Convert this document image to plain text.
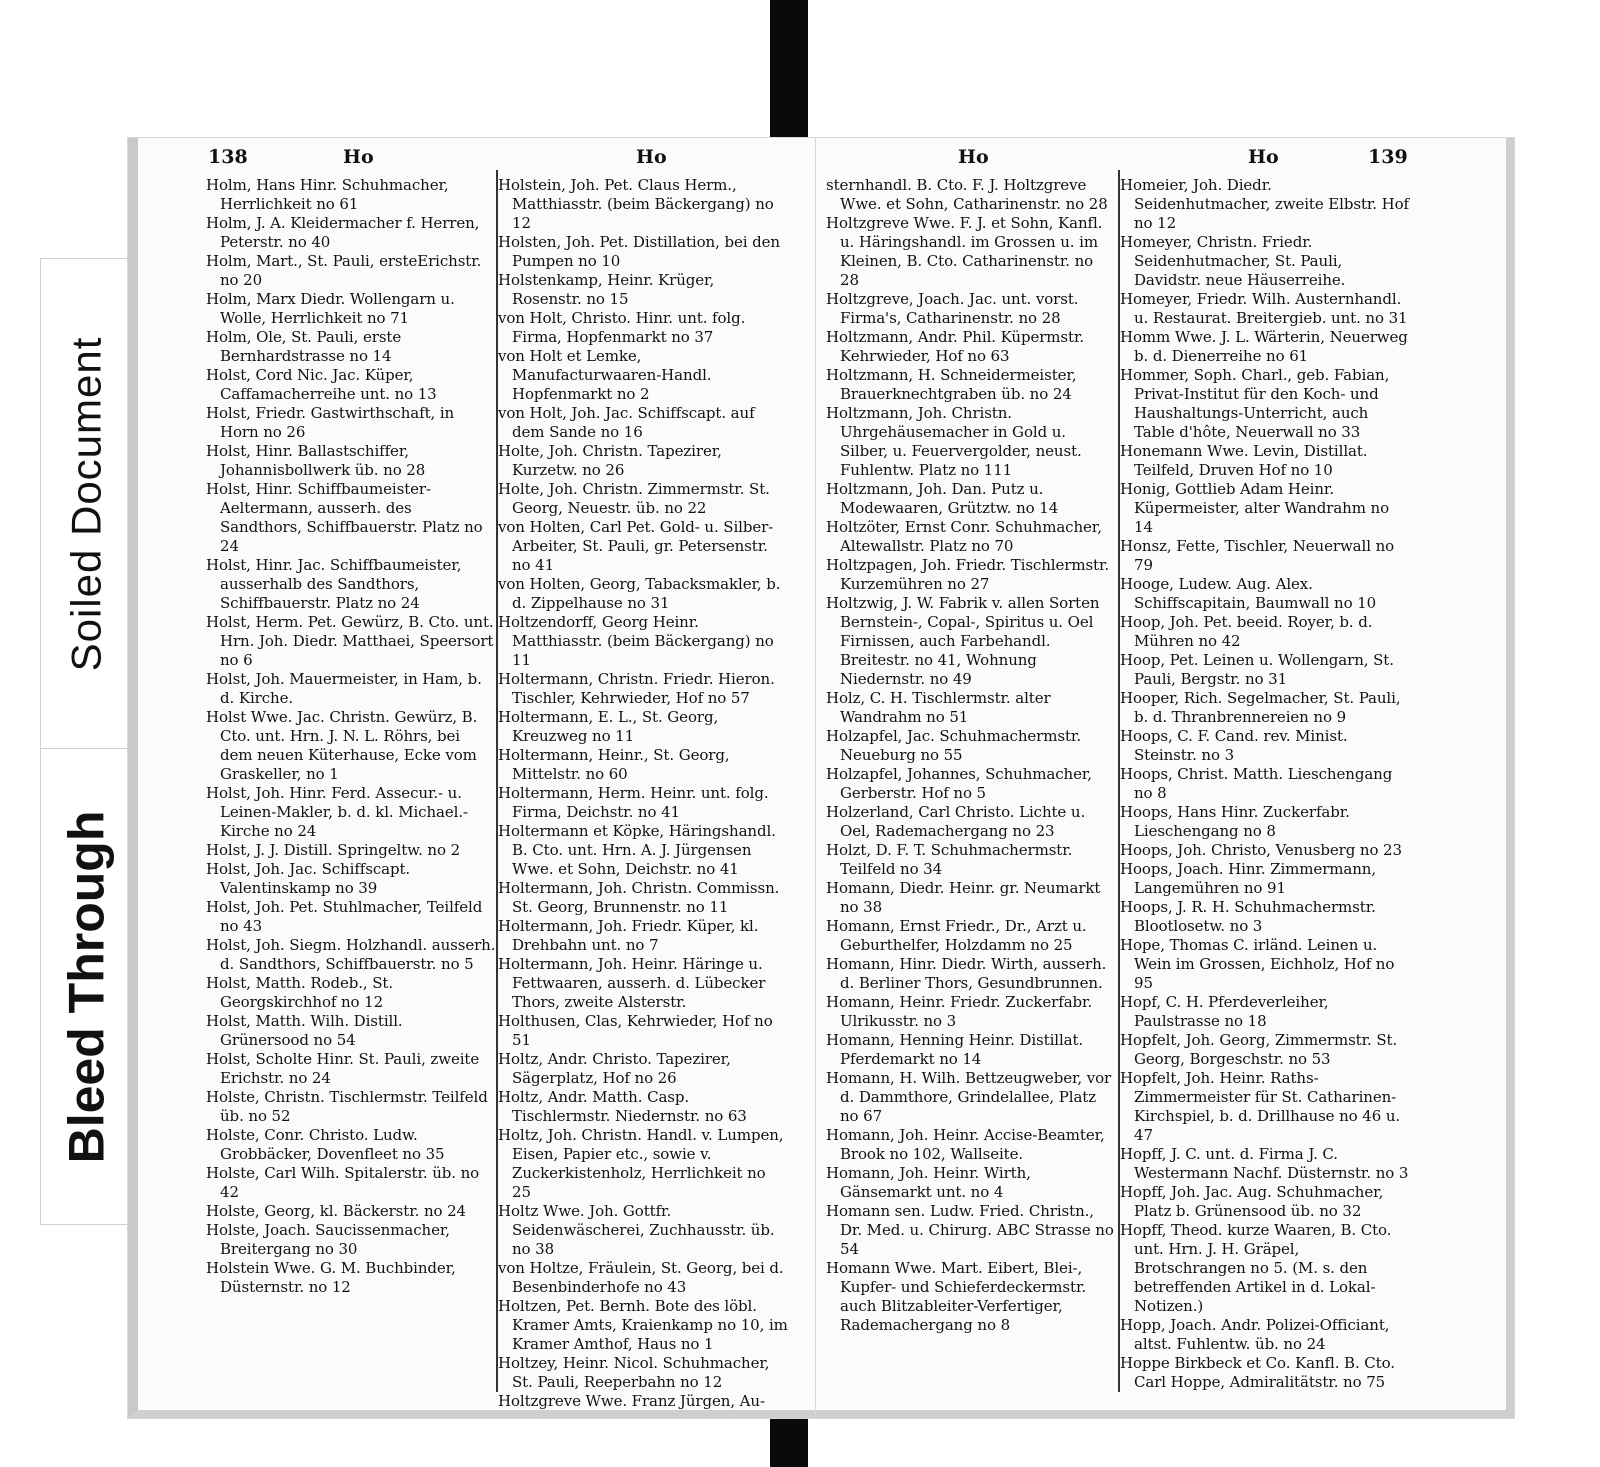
Soiled Document
Bleed Through
138	Ho	Ho

Holm, Hans Hinr. Schuhmacher, Herrlichkeit no 61

Holm, J. A. Kleidermacher f. Herren, Peterstr. no 40

Holm, Mart., St. Pauli, ersteErichstr. no 20

Holm, Marx Diedr. Wollengarn u. Wolle, Herrlichkeit no 71

Holm, Ole, St. Pauli, erste Bernhardstrasse no 14

Holst, Cord Nic. Jac. Küper, Caffamacherreihe unt. no 13

Holst, Friedr. Gastwirthschaft, in Horn no 26

Holst, Hinr. Ballastschiffer, Johannisbollwerk üb. no 28

Holst, Hinr. Schiffbaumeister-Aeltermann, ausserh. des Sandthors, Schiffbauerstr. Platz no 24

Holst, Hinr. Jac. Schiffbaumeister, ausserhalb des Sandthors, Schiffbauerstr. Platz no 24

Holst, Herm. Pet. Gewürz, B. Cto. unt. Hrn. Joh. Diedr. Matthaei, Speersort no 6

Holst, Joh. Mauermeister, in Ham, b. d. Kirche.

Holst Wwe. Jac. Christn. Gewürz, B. Cto. unt. Hrn. J. N. L. Röhrs, bei dem neuen Küterhause, Ecke vom Graskeller, no 1

Holst, Joh. Hinr. Ferd. Assecur.- u. Leinen-Makler, b. d. kl. Michael.-Kirche no 24

Holst, J. J. Distill. Springeltw. no 2

Holst, Joh. Jac. Schiffscapt. Valentinskamp no 39

Holst, Joh. Pet. Stuhlmacher, Teilfeld no 43

Holst, Joh. Siegm. Holzhandl. ausserh. d. Sandthors, Schiffbauerstr. no 5

Holst, Matth. Rodeb., St. Georgskirchhof no 12

Holst, Matth. Wilh. Distill. Grünersood no 54

Holst, Scholte Hinr. St. Pauli, zweite Erichstr. no 24

Holste, Christn. Tischlermstr. Teilfeld üb. no 52

Holste, Conr. Christo. Ludw. Grobbäcker, Dovenfleet no 35

Holste, Carl Wilh. Spitalerstr. üb. no 42

Holste, Georg, kl. Bäckerstr. no 24

Holste, Joach. Saucissenmacher, Breitergang no 30

Holstein Wwe. G. M. Buchbinder, Düsternstr. no 12

Holstein, Joh. Pet. Claus Herm., Matthiasstr. (beim Bäckergang) no 12

Holsten, Joh. Pet. Distillation, bei den Pumpen no 10

Holstenkamp, Heinr. Krüger, Rosenstr. no 15

von Holt, Christo. Hinr. unt. folg. Firma, Hopfenmarkt no 37

von Holt et Lemke, Manufacturwaaren-Handl. Hopfenmarkt no 2

von Holt, Joh. Jac. Schiffscapt. auf dem Sande no 16

Holte, Joh. Christn. Tapezirer, Kurzetw. no 26

Holte, Joh. Christn. Zimmermstr. St. Georg, Neuestr. üb. no 22

von Holten, Carl Pet. Gold- u. Silber-Arbeiter, St. Pauli, gr. Petersenstr. no 41

von Holten, Georg, Tabacksmakler, b. d. Zippelhause no 31

Holtzendorff, Georg Heinr. Matthiasstr. (beim Bäckergang) no 11

Holtermann, Christn. Friedr. Hieron. Tischler, Kehrwieder, Hof no 57

Holtermann, E. L., St. Georg, Kreuzweg no 11

Holtermann, Heinr., St. Georg, Mittelstr. no 60

Holtermann, Herm. Heinr. unt. folg. Firma, Deichstr. no 41

Holtermann et Köpke, Häringshandl. B. Cto. unt. Hrn. A. J. Jürgensen Wwe. et Sohn, Deichstr. no 41

Holtermann, Joh. Christn. Commissn. St. Georg, Brunnenstr. no 11

Holtermann, Joh. Friedr. Küper, kl. Drehbahn unt. no 7

Holtermann, Joh. Heinr. Häringe u. Fettwaaren, ausserh. d. Lübecker Thors, zweite Alsterstr.

Holthusen, Clas, Kehrwieder, Hof no 51

Holtz, Andr. Christo. Tapezirer, Sägerplatz, Hof no 26

Holtz, Andr. Matth. Casp. Tischlermstr. Niedernstr. no 63

Holtz, Joh. Christn. Handl. v. Lumpen, Eisen, Papier etc., sowie v. Zuckerkistenholz, Herrlichkeit no 25

Holtz Wwe. Joh. Gottfr. Seidenwäscherei, Zuchhausstr. üb. no 38

von Holtze, Fräulein, St. Georg, bei d. Besenbinderhofe no 43

Holtzen, Pet. Bernh. Bote des löbl. Kramer Amts, Kraienkamp no 10, im Kramer Amthof, Haus no 1

Holtzey, Heinr. Nicol. Schuhmacher, St. Pauli, Reeperbahn no 12

Holtzgreve Wwe. Franz Jürgen, Au-

Ho	Ho	139

sternhandl. B. Cto. F. J. Holtzgreve Wwe. et Sohn, Catharinenstr. no 28

Holtzgreve Wwe. F. J. et Sohn, Kanfl. u. Häringshandl. im Grossen u. im Kleinen, B. Cto. Catharinenstr. no 28

Holtzgreve, Joach. Jac. unt. vorst. Firma's, Catharinenstr. no 28

Holtzmann, Andr. Phil. Küpermstr. Kehrwieder, Hof no 63

Holtzmann, H. Schneidermeister, Brauerknechtgraben üb. no 24

Holtzmann, Joh. Christn. Uhrgehäusemacher in Gold u. Silber, u. Feuervergolder, neust. Fuhlentw. Platz no 111

Holtzmann, Joh. Dan. Putz u. Modewaaren, Grütztw. no 14

Holtzöter, Ernst Conr. Schuhmacher, Altewallstr. Platz no 70

Holtzpagen, Joh. Friedr. Tischlermstr. Kurzemühren no 27

Holtzwig, J. W. Fabrik v. allen Sorten Bernstein-, Copal-, Spiritus u. Oel Firnissen, auch Farbehandl. Breitestr. no 41, Wohnung Niedernstr. no 49

Holz, C. H. Tischlermstr. alter Wandrahm no 51

Holzapfel, Jac. Schuhmachermstr. Neueburg no 55

Holzapfel, Johannes, Schuhmacher, Gerberstr. Hof no 5

Holzerland, Carl Christo. Lichte u. Oel, Rademachergang no 23

Holzt, D. F. T. Schuhmachermstr. Teilfeld no 34

Homann, Diedr. Heinr. gr. Neumarkt no 38

Homann, Ernst Friedr., Dr., Arzt u. Geburthelfer, Holzdamm no 25

Homann, Hinr. Diedr. Wirth, ausserh. d. Berliner Thors, Gesundbrunnen.

Homann, Heinr. Friedr. Zuckerfabr. Ulrikusstr. no 3

Homann, Henning Heinr. Distillat. Pferdemarkt no 14

Homann, H. Wilh. Bettzeugweber, vor d. Dammthore, Grindelallee, Platz no 67

Homann, Joh. Heinr. Accise-Beamter, Brook no 102, Wallseite.

Homann, Joh. Heinr. Wirth, Gänsemarkt unt. no 4

Homann sen. Ludw. Fried. Christn., Dr. Med. u. Chirurg. ABC Strasse no 54

Homann Wwe. Mart. Eibert, Blei-, Kupfer- und Schieferdeckermstr. auch Blitzableiter-Verfertiger, Rademachergang no 8

Homeier, Joh. Diedr. Seidenhutmacher, zweite Elbstr. Hof no 12

Homeyer, Christn. Friedr. Seidenhutmacher, St. Pauli, Davidstr. neue Häuserreihe.

Homeyer, Friedr. Wilh. Austernhandl. u. Restaurat. Breitergieb. unt. no 31

Homm Wwe. J. L. Wärterin, Neuerweg b. d. Dienerreihe no 61

Hommer, Soph. Charl., geb. Fabian, Privat-Institut für den Koch- und Haushaltungs-Unterricht, auch Table d'hôte, Neuerwall no 33

Honemann Wwe. Levin, Distillat. Teilfeld, Druven Hof no 10

Honig, Gottlieb Adam Heinr. Küpermeister, alter Wandrahm no 14

Honsz, Fette, Tischler, Neuerwall no 79

Hooge, Ludew. Aug. Alex. Schiffscapitain, Baumwall no 10

Hoop, Joh. Pet. beeid. Royer, b. d. Mühren no 42

Hoop, Pet. Leinen u. Wollengarn, St. Pauli, Bergstr. no 31

Hooper, Rich. Segelmacher, St. Pauli, b. d. Thranbrennereien no 9

Hoops, C. F. Cand. rev. Minist. Steinstr. no 3

Hoops, Christ. Matth. Lieschengang no 8

Hoops, Hans Hinr. Zuckerfabr. Lieschengang no 8

Hoops, Joh. Christo, Venusberg no 23

Hoops, Joach. Hinr. Zimmermann, Langemühren no 91

Hoops, J. R. H. Schuhmachermstr. Blootlosetw. no 3

Hope, Thomas C. irländ. Leinen u. Wein im Grossen, Eichholz, Hof no 95

Hopf, C. H. Pferdeverleiher, Paulstrasse no 18

Hopfelt, Joh. Georg, Zimmermstr. St. Georg, Borgeschstr. no 53

Hopfelt, Joh. Heinr. Raths-Zimmermeister für St. Catharinen-Kirchspiel, b. d. Drillhause no 46 u. 47

Hopff, J. C. unt. d. Firma J. C. Westermann Nachf. Düsternstr. no 3

Hopff, Joh. Jac. Aug. Schuhmacher, Platz b. Grünensood üb. no 32

Hopff, Theod. kurze Waaren, B. Cto. unt. Hrn. J. H. Gräpel, Brotschrangen no 5. (M. s. den betreffenden Artikel in d. Lokal-Notizen.)

Hopp, Joach. Andr. Polizei-Officiant, altst. Fuhlentw. üb. no 24

Hoppe Birkbeck et Co. Kanfl. B. Cto. Carl Hoppe, Admiralitätstr. no 75
